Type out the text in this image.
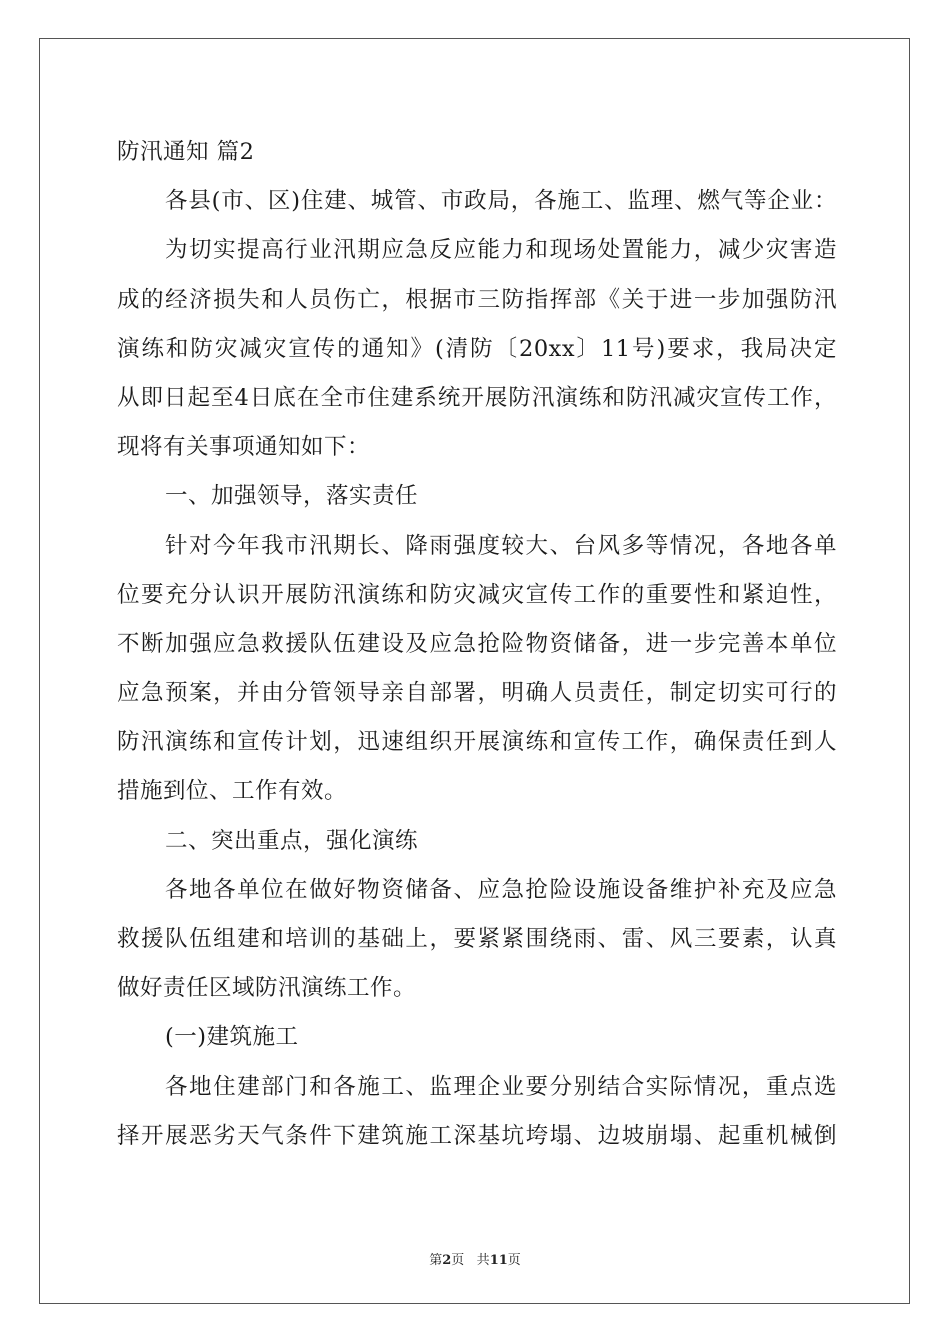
防汛通知 篇2
各县(市、区)住建、城管、市政局，各施工、监理、燃气等企业：
为切实提高行业汛期应急反应能力和现场处置能力，减少灾害造
成的经济损失和人员伤亡，根据市三防指挥部《关于进一步加强防汛
演练和防灾减灾宣传的通知》(清防〔20xx〕11号)要求，我局决定
从即日起至4日底在全市住建系统开展防汛演练和防汛减灾宣传工作，
现将有关事项通知如下：
一、加强领导，落实责任
针对今年我市汛期长、降雨强度较大、台风多等情况，各地各单
位要充分认识开展防汛演练和防灾减灾宣传工作的重要性和紧迫性，
不断加强应急救援队伍建设及应急抢险物资储备，进一步完善本单位
应急预案，并由分管领导亲自部署，明确人员责任，制定切实可行的
防汛演练和宣传计划，迅速组织开展演练和宣传工作，确保责任到人
措施到位、工作有效。
二、突出重点，强化演练
各地各单位在做好物资储备、应急抢险设施设备维护补充及应急
救援队伍组建和培训的基础上，要紧紧围绕雨、雷、风三要素，认真
做好责任区域防汛演练工作。
(一)建筑施工
各地住建部门和各施工、监理企业要分别结合实际情况，重点选
择开展恶劣天气条件下建筑施工深基坑垮塌、边坡崩塌、起重机械倒
第2页 共11页
